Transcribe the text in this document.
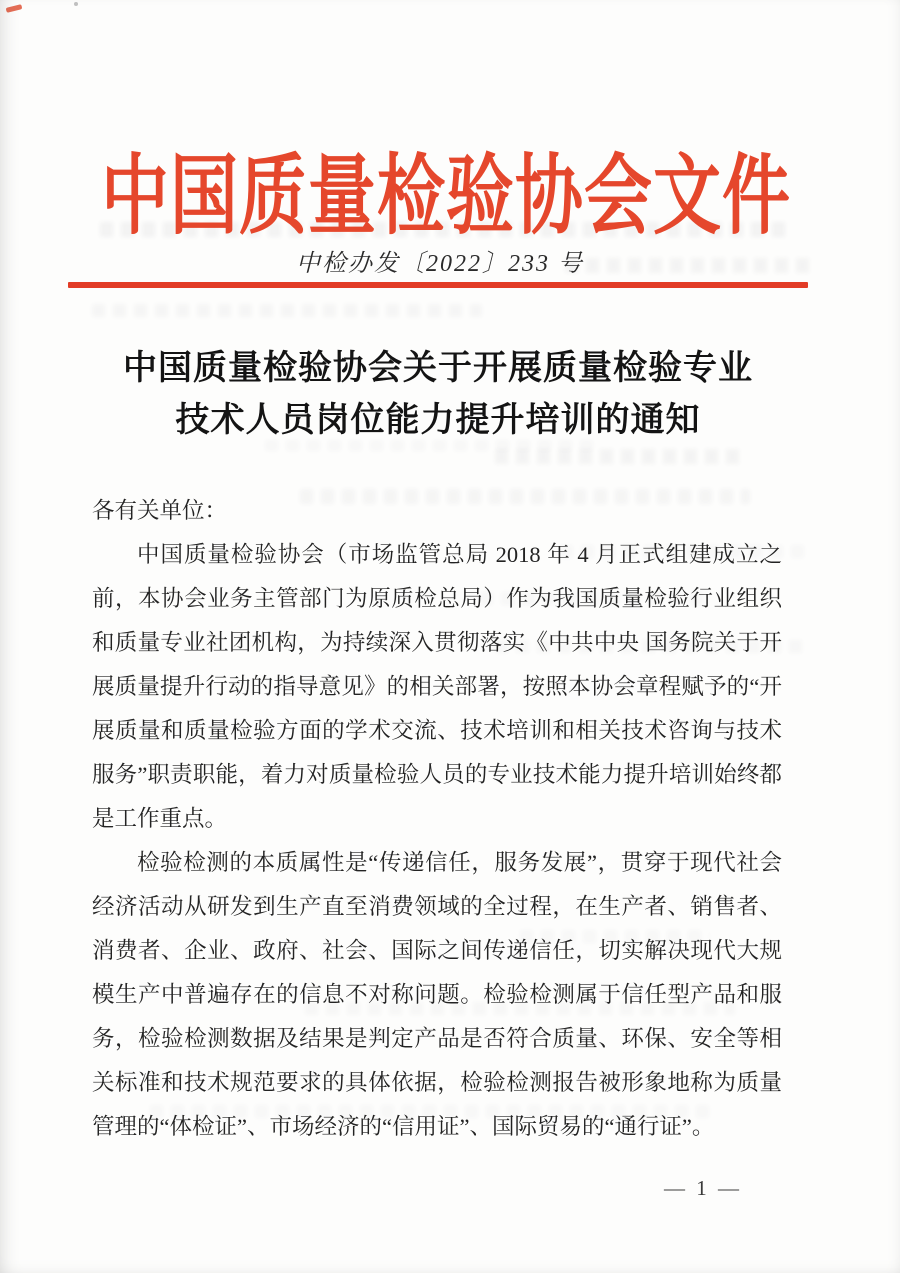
中国质量检验协会文件
中检办发〔2022〕233 号
中国质量检验协会关于开展质量检验专业
技术人员岗位能力提升培训的通知

各有关单位：

中国质量检验协会（市场监管总局 2018 年 4 月正式组建成立之前，本协会业务主管部门为原质检总局）作为我国质量检验行业组织和质量专业社团机构，为持续深入贯彻落实《中共中央 国务院关于开展质量提升行动的指导意见》的相关部署，按照本协会章程赋予的“开展质量和质量检验方面的学术交流、技术培训和相关技术咨询与技术服务”职责职能，着力对质量检验人员的专业技术能力提升培训始终都是工作重点。

检验检测的本质属性是“传递信任，服务发展”，贯穿于现代社会经济活动从研发到生产直至消费领域的全过程，在生产者、销售者、消费者、企业、政府、社会、国际之间传递信任，切实解决现代大规模生产中普遍存在的信息不对称问题。检验检测属于信任型产品和服务，检验检测数据及结果是判定产品是否符合质量、环保、安全等相关标准和技术规范要求的具体依据，检验检测报告被形象地称为质量管理的“体检证”、市场经济的“信用证”、国际贸易的“通行证”。

— 1 —
